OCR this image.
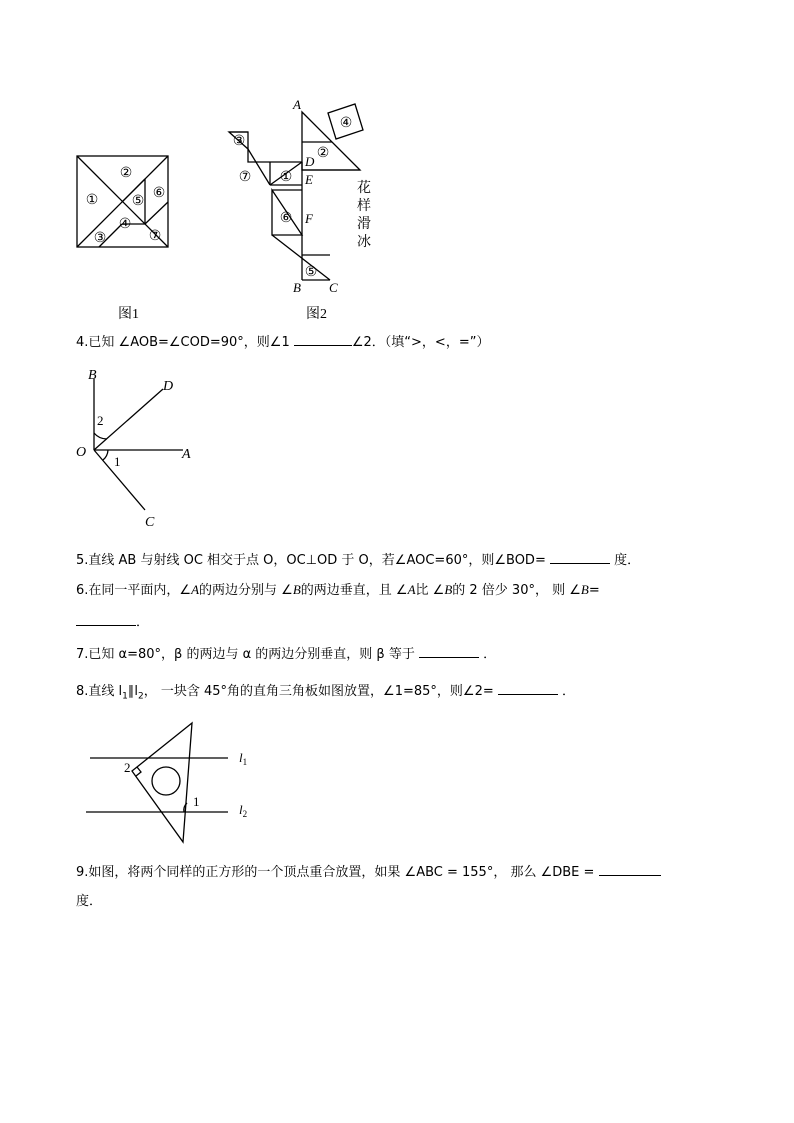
②
① ⑤
⑥
④
③	⑦
图1
A
D
E
F
B C
④
②
③
⑦ ①
⑥
⑤
花
样
滑
冰
图2
4.已知 ∠AOB=∠COD=90°，则∠1	∠2．（填“>，<，=”）
B
D
O	A
C
2
1
5.直线 AB 与射线 OC 相交于点 O，OC⊥OD 于 O，若∠AOC=60°，则∠BOD=	度．
6.在同一平面内，∠A的两边分别与 ∠B的两边垂直，且 ∠A比 ∠B的 2 倍少 30°， 则 ∠B=
．
7.已知 α=80°，β 的两边与 α 的两边分别垂直，则 β 等于	．
8.直线 $l_1\parallel l_2$， 一块含 45°角的直角三角板如图放置，∠1=85°，则∠2=	．
2
1
$l_1$
$l_2$
9.如图，将两个同样的正方形的一个顶点重合放置，如果 ∠ABC = 155°， 那么 ∠DBE =
度．
